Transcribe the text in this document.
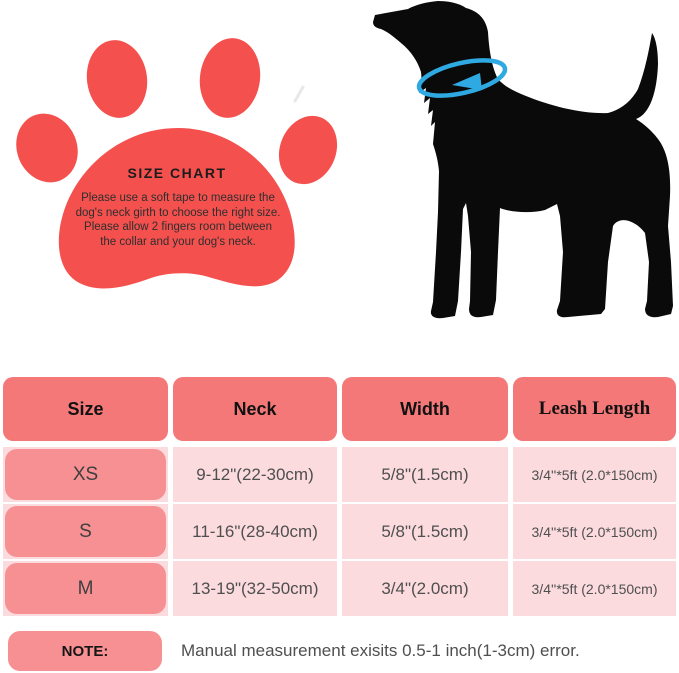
SIZE CHART
Please use a soft tape to measure the
dog's neck girth to choose the right size.
Please allow 2 fingers room between
the collar and your dog's neck.
Size	Neck	Width	Leash Length
XS	9-12"(22-30cm)	5/8"(1.5cm)	3/4''*5ft (2.0*150cm)
S	11-16"(28-40cm)	5/8"(1.5cm)	3/4''*5ft (2.0*150cm)
M	13-19"(32-50cm)	3/4"(2.0cm)	3/4''*5ft (2.0*150cm)
NOTE:	Manual measurement exisits 0.5-1 inch(1-3cm) error.
